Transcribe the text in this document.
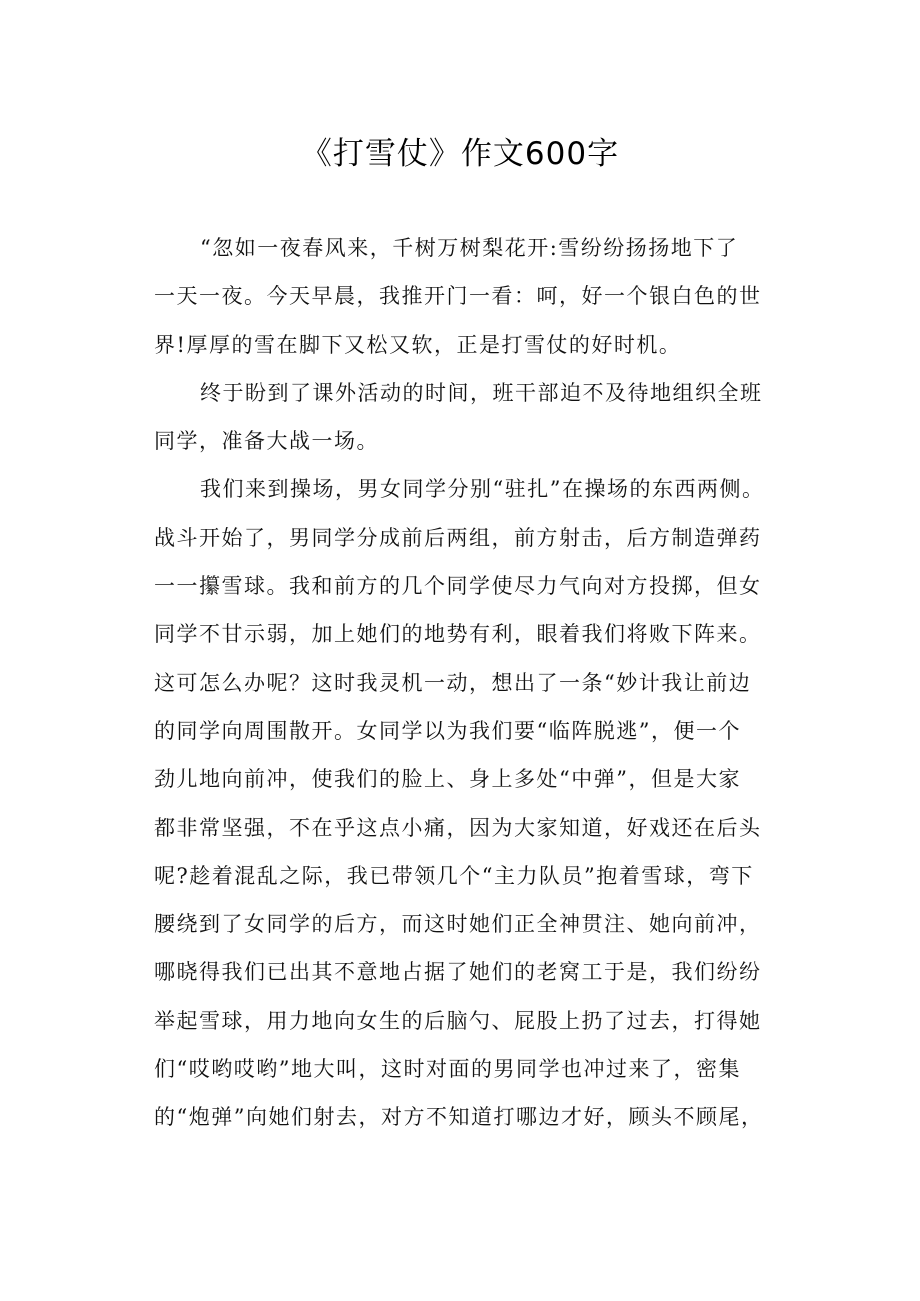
《打雪仗》作文600字
“忽如一夜春风来，千树万树梨花开:雪纷纷扬扬地下了
一天一夜。今天早晨，我推开门一看：呵，好一个银白色的世
界!厚厚的雪在脚下又松又软，正是打雪仗的好时机。
终于盼到了课外活动的时间，班干部迫不及待地组织全班
同学，准备大战一场。
我们来到操场，男女同学分别“驻扎”在操场的东西两侧。
战斗开始了，男同学分成前后两组，前方射击，后方制造弹药
一一攥雪球。我和前方的几个同学使尽力气向对方投掷，但女
同学不甘示弱，加上她们的地势有利，眼着我们将败下阵来。
这可怎么办呢？这时我灵机一动，想出了一条“妙计我让前边
的同学向周围散开。女同学以为我们要“临阵脱逃”，便一个
劲儿地向前冲，使我们的脸上、身上多处“中弹”，但是大家
都非常坚强，不在乎这点小痛，因为大家知道，好戏还在后头
呢?趁着混乱之际，我已带领几个“主力队员”抱着雪球，弯下
腰绕到了女同学的后方，而这时她们正全神贯注、她向前冲，
哪晓得我们已出其不意地占据了她们的老窝工于是，我们纷纷
举起雪球，用力地向女生的后脑勺、屁股上扔了过去，打得她
们“哎哟哎哟”地大叫，这时对面的男同学也冲过来了，密集
的“炮弹”向她们射去，对方不知道打哪边才好，顾头不顾尾，
